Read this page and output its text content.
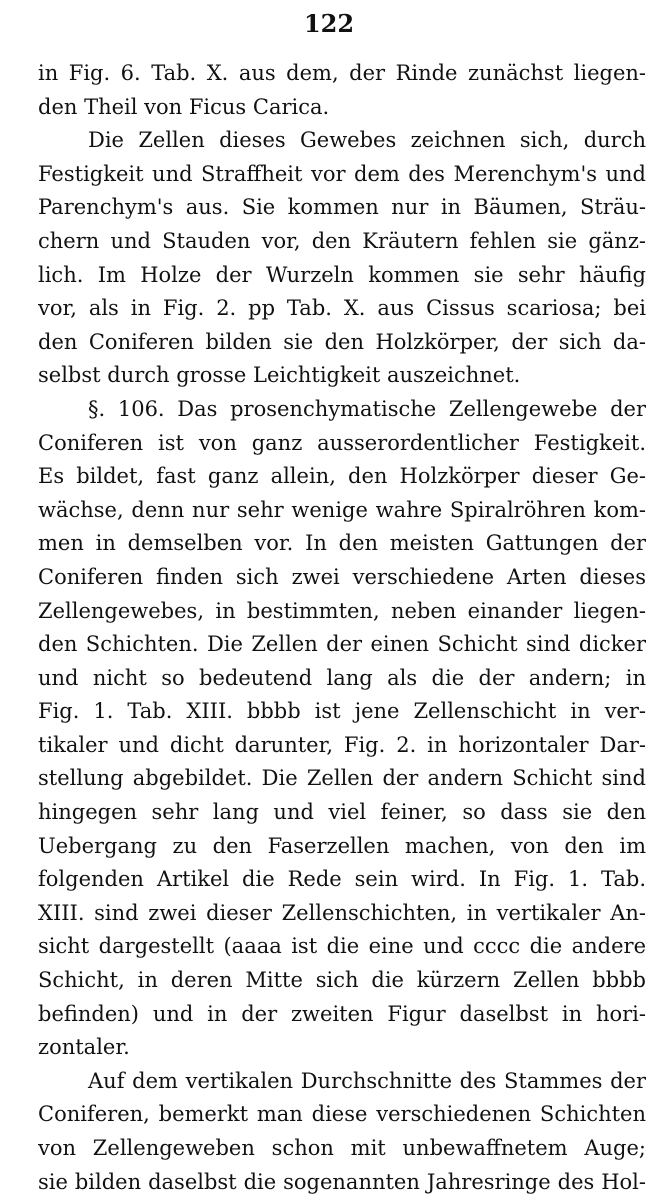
122
in Fig. 6. Tab. X. aus dem, der Rinde zunächst liegen-
den Theil von Ficus Carica.
Die Zellen dieses Gewebes zeichnen sich, durch
Festigkeit und Straffheit vor dem des Merenchym's und
Parenchym's aus. Sie kommen nur in Bäumen, Sträu-
chern und Stauden vor, den Kräutern fehlen sie gänz-
lich. Im Holze der Wurzeln kommen sie sehr häufig
vor, als in Fig. 2. pp Tab. X. aus Cissus scariosa; bei
den Coniferen bilden sie den Holzkörper, der sich da-
selbst durch grosse Leichtigkeit auszeichnet.
§. 106. Das prosenchymatische Zellengewebe der
Coniferen ist von ganz ausserordentlicher Festigkeit.
Es bildet, fast ganz allein, den Holzkörper dieser Ge-
wächse, denn nur sehr wenige wahre Spiralröhren kom-
men in demselben vor. In den meisten Gattungen der
Coniferen finden sich zwei verschiedene Arten dieses
Zellengewebes, in bestimmten, neben einander liegen-
den Schichten. Die Zellen der einen Schicht sind dicker
und nicht so bedeutend lang als die der andern; in
Fig. 1. Tab. XIII. bbbb ist jene Zellenschicht in ver-
tikaler und dicht darunter, Fig. 2. in horizontaler Dar-
stellung abgebildet. Die Zellen der andern Schicht sind
hingegen sehr lang und viel feiner, so dass sie den
Uebergang zu den Faserzellen machen, von den im
folgenden Artikel die Rede sein wird. In Fig. 1. Tab.
XIII. sind zwei dieser Zellenschichten, in vertikaler An-
sicht dargestellt (aaaa ist die eine und cccc die andere
Schicht, in deren Mitte sich die kürzern Zellen bbbb
befinden) und in der zweiten Figur daselbst in hori-
zontaler.
Auf dem vertikalen Durchschnitte des Stammes der
Coniferen, bemerkt man diese verschiedenen Schichten
von Zellengeweben schon mit unbewaffnetem Auge;
sie bilden daselbst die sogenannten Jahresringe des Hol-
